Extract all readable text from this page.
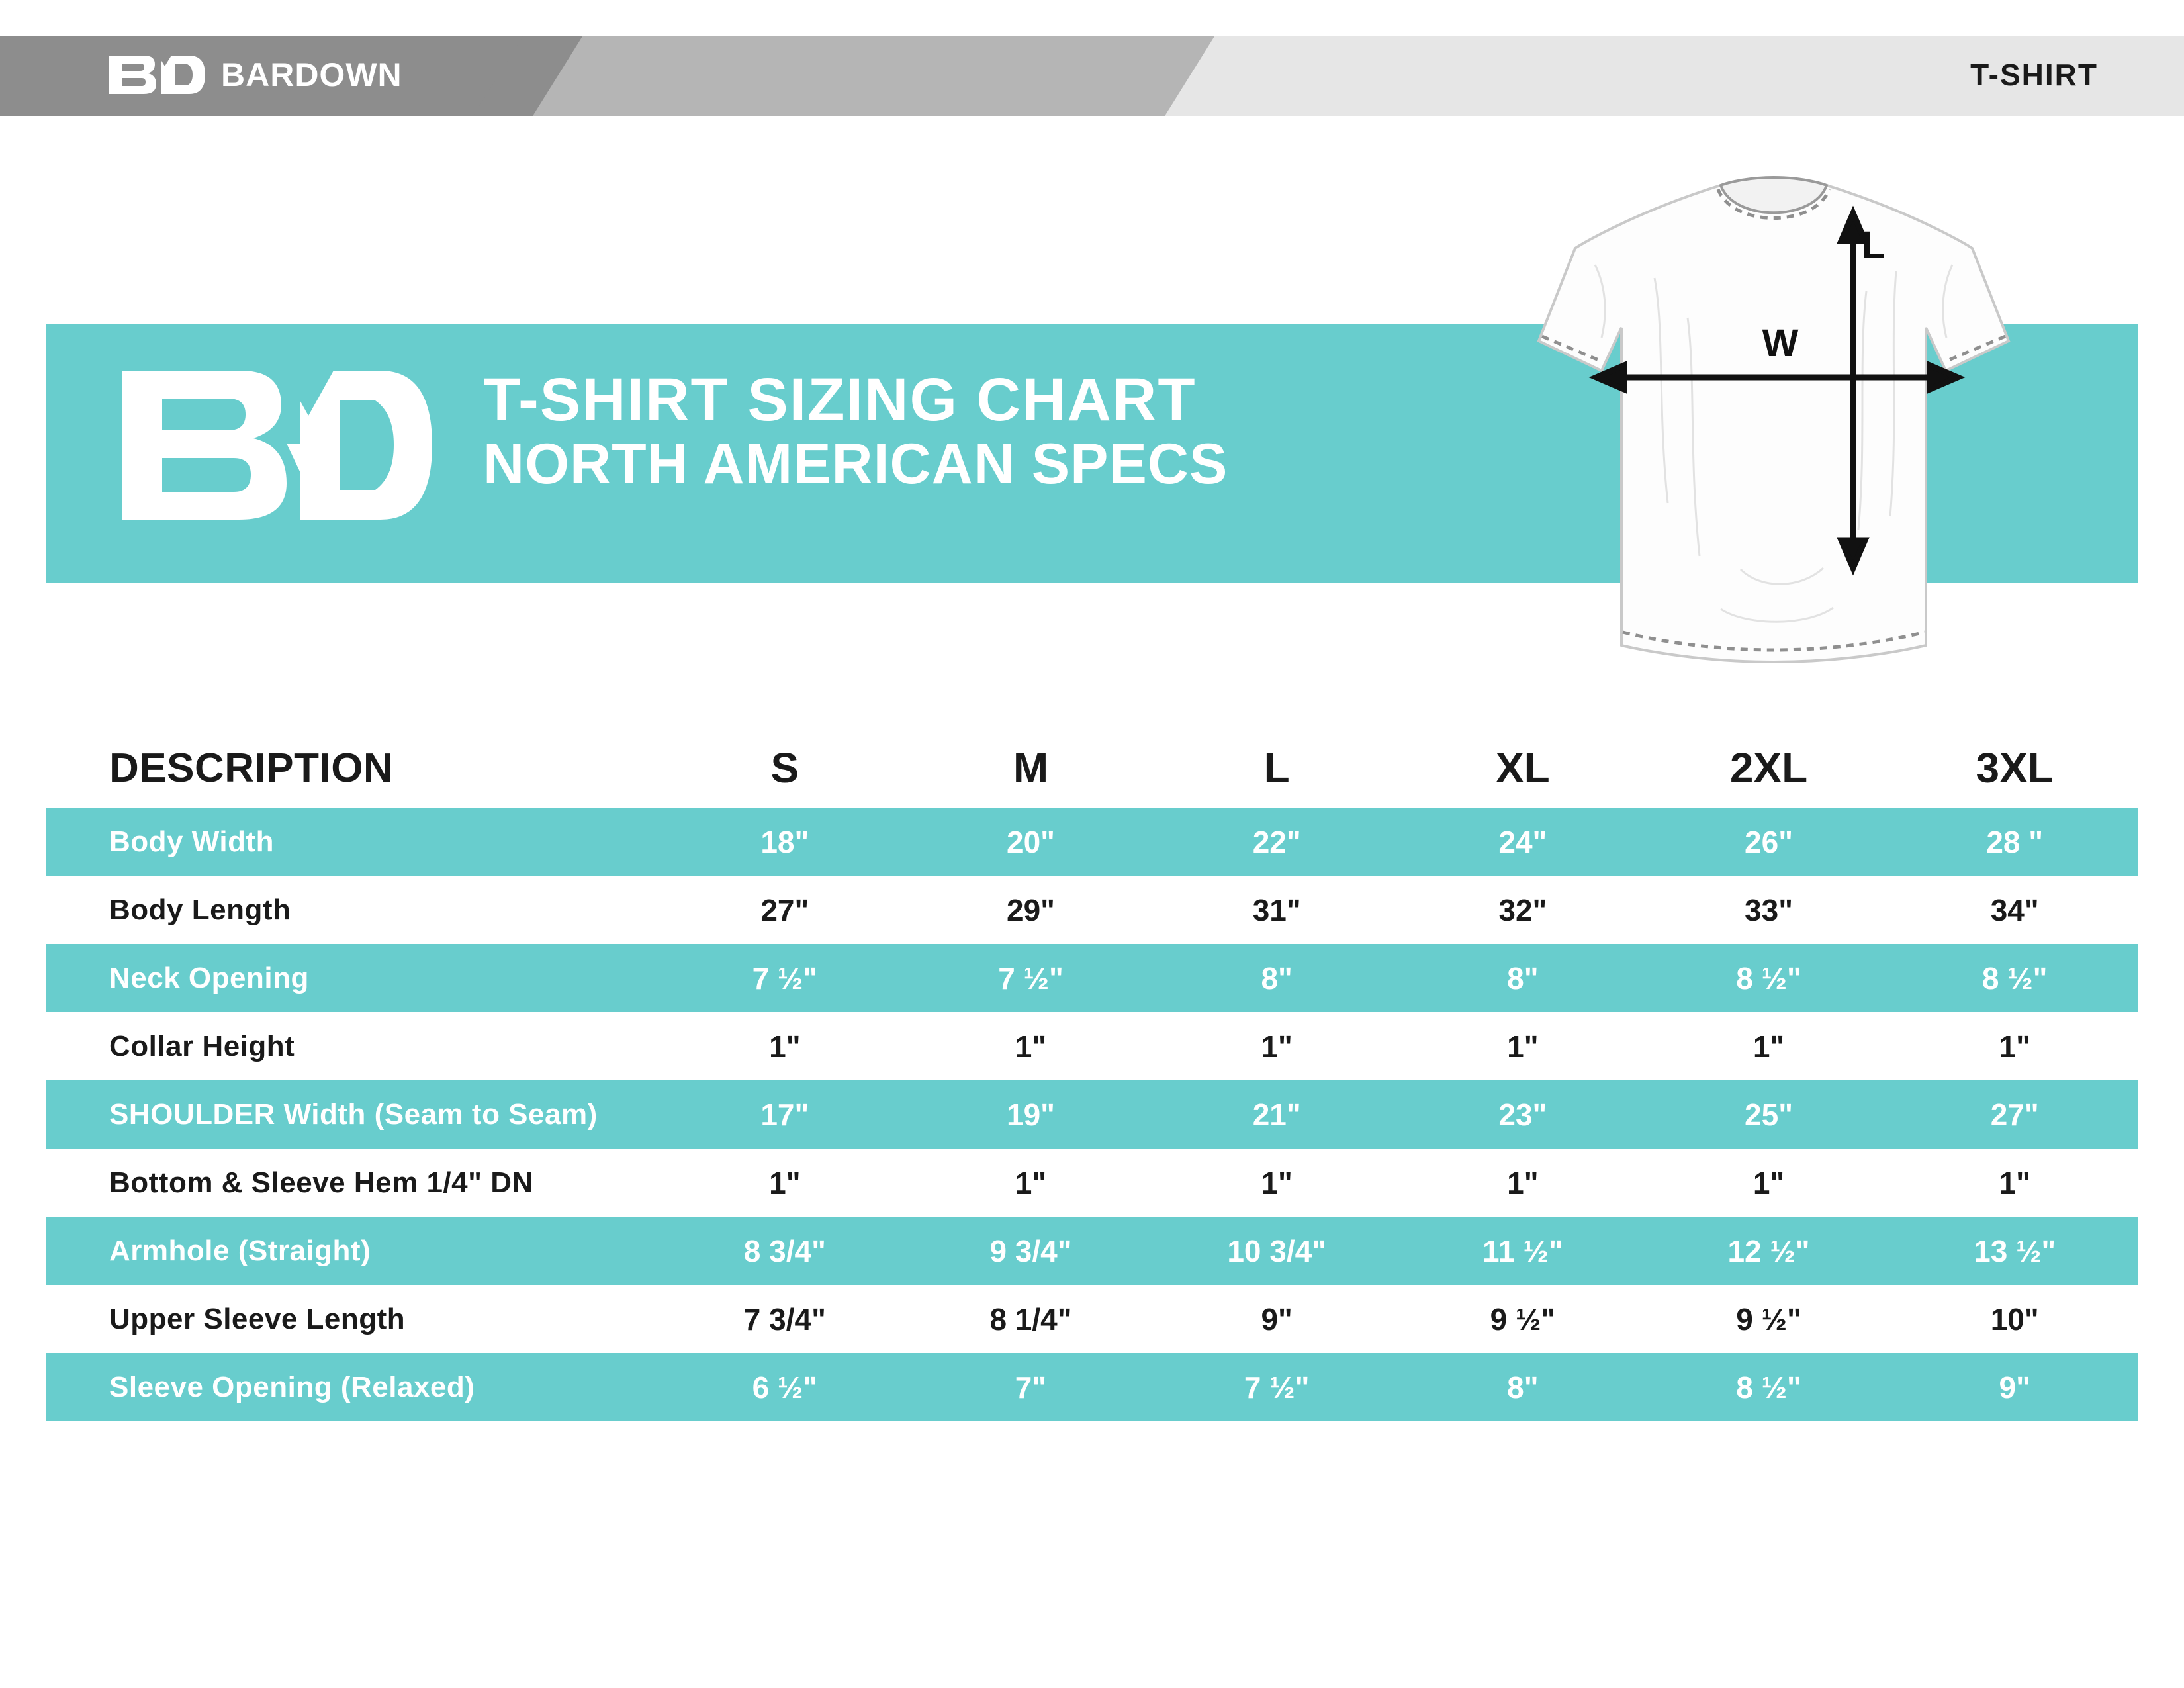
BARDOWN	T-SHIRT
T-SHIRT SIZING CHART
NORTH AMERICAN SPECS
L
W
DESCRIPTION	S	M	L	XL	2XL	3XL
Body Width	18"	20"	22"	24"	26"	28 "
Body Length	27"	29"	31"	32"	33"	34"
Neck Opening	7 ½"	7 ½"	8"	8"	8 ½"	8 ½"
Collar Height	1"	1"	1"	1"	1"	1"
SHOULDER Width (Seam to Seam)	17"	19"	21"	23"	25"	27"
Bottom & Sleeve Hem 1/4" DN	1"	1"	1"	1"	1"	1"
Armhole (Straight)	8 3/4"	9 3/4"	10 3/4"	11 ½"	12 ½"	13 ½"
Upper Sleeve Length	7 3/4"	8 1/4"	9"	9 ½"	9 ½"	10"
Sleeve Opening (Relaxed)	6 ½"	7"	7 ½"	8"	8 ½"	9"
